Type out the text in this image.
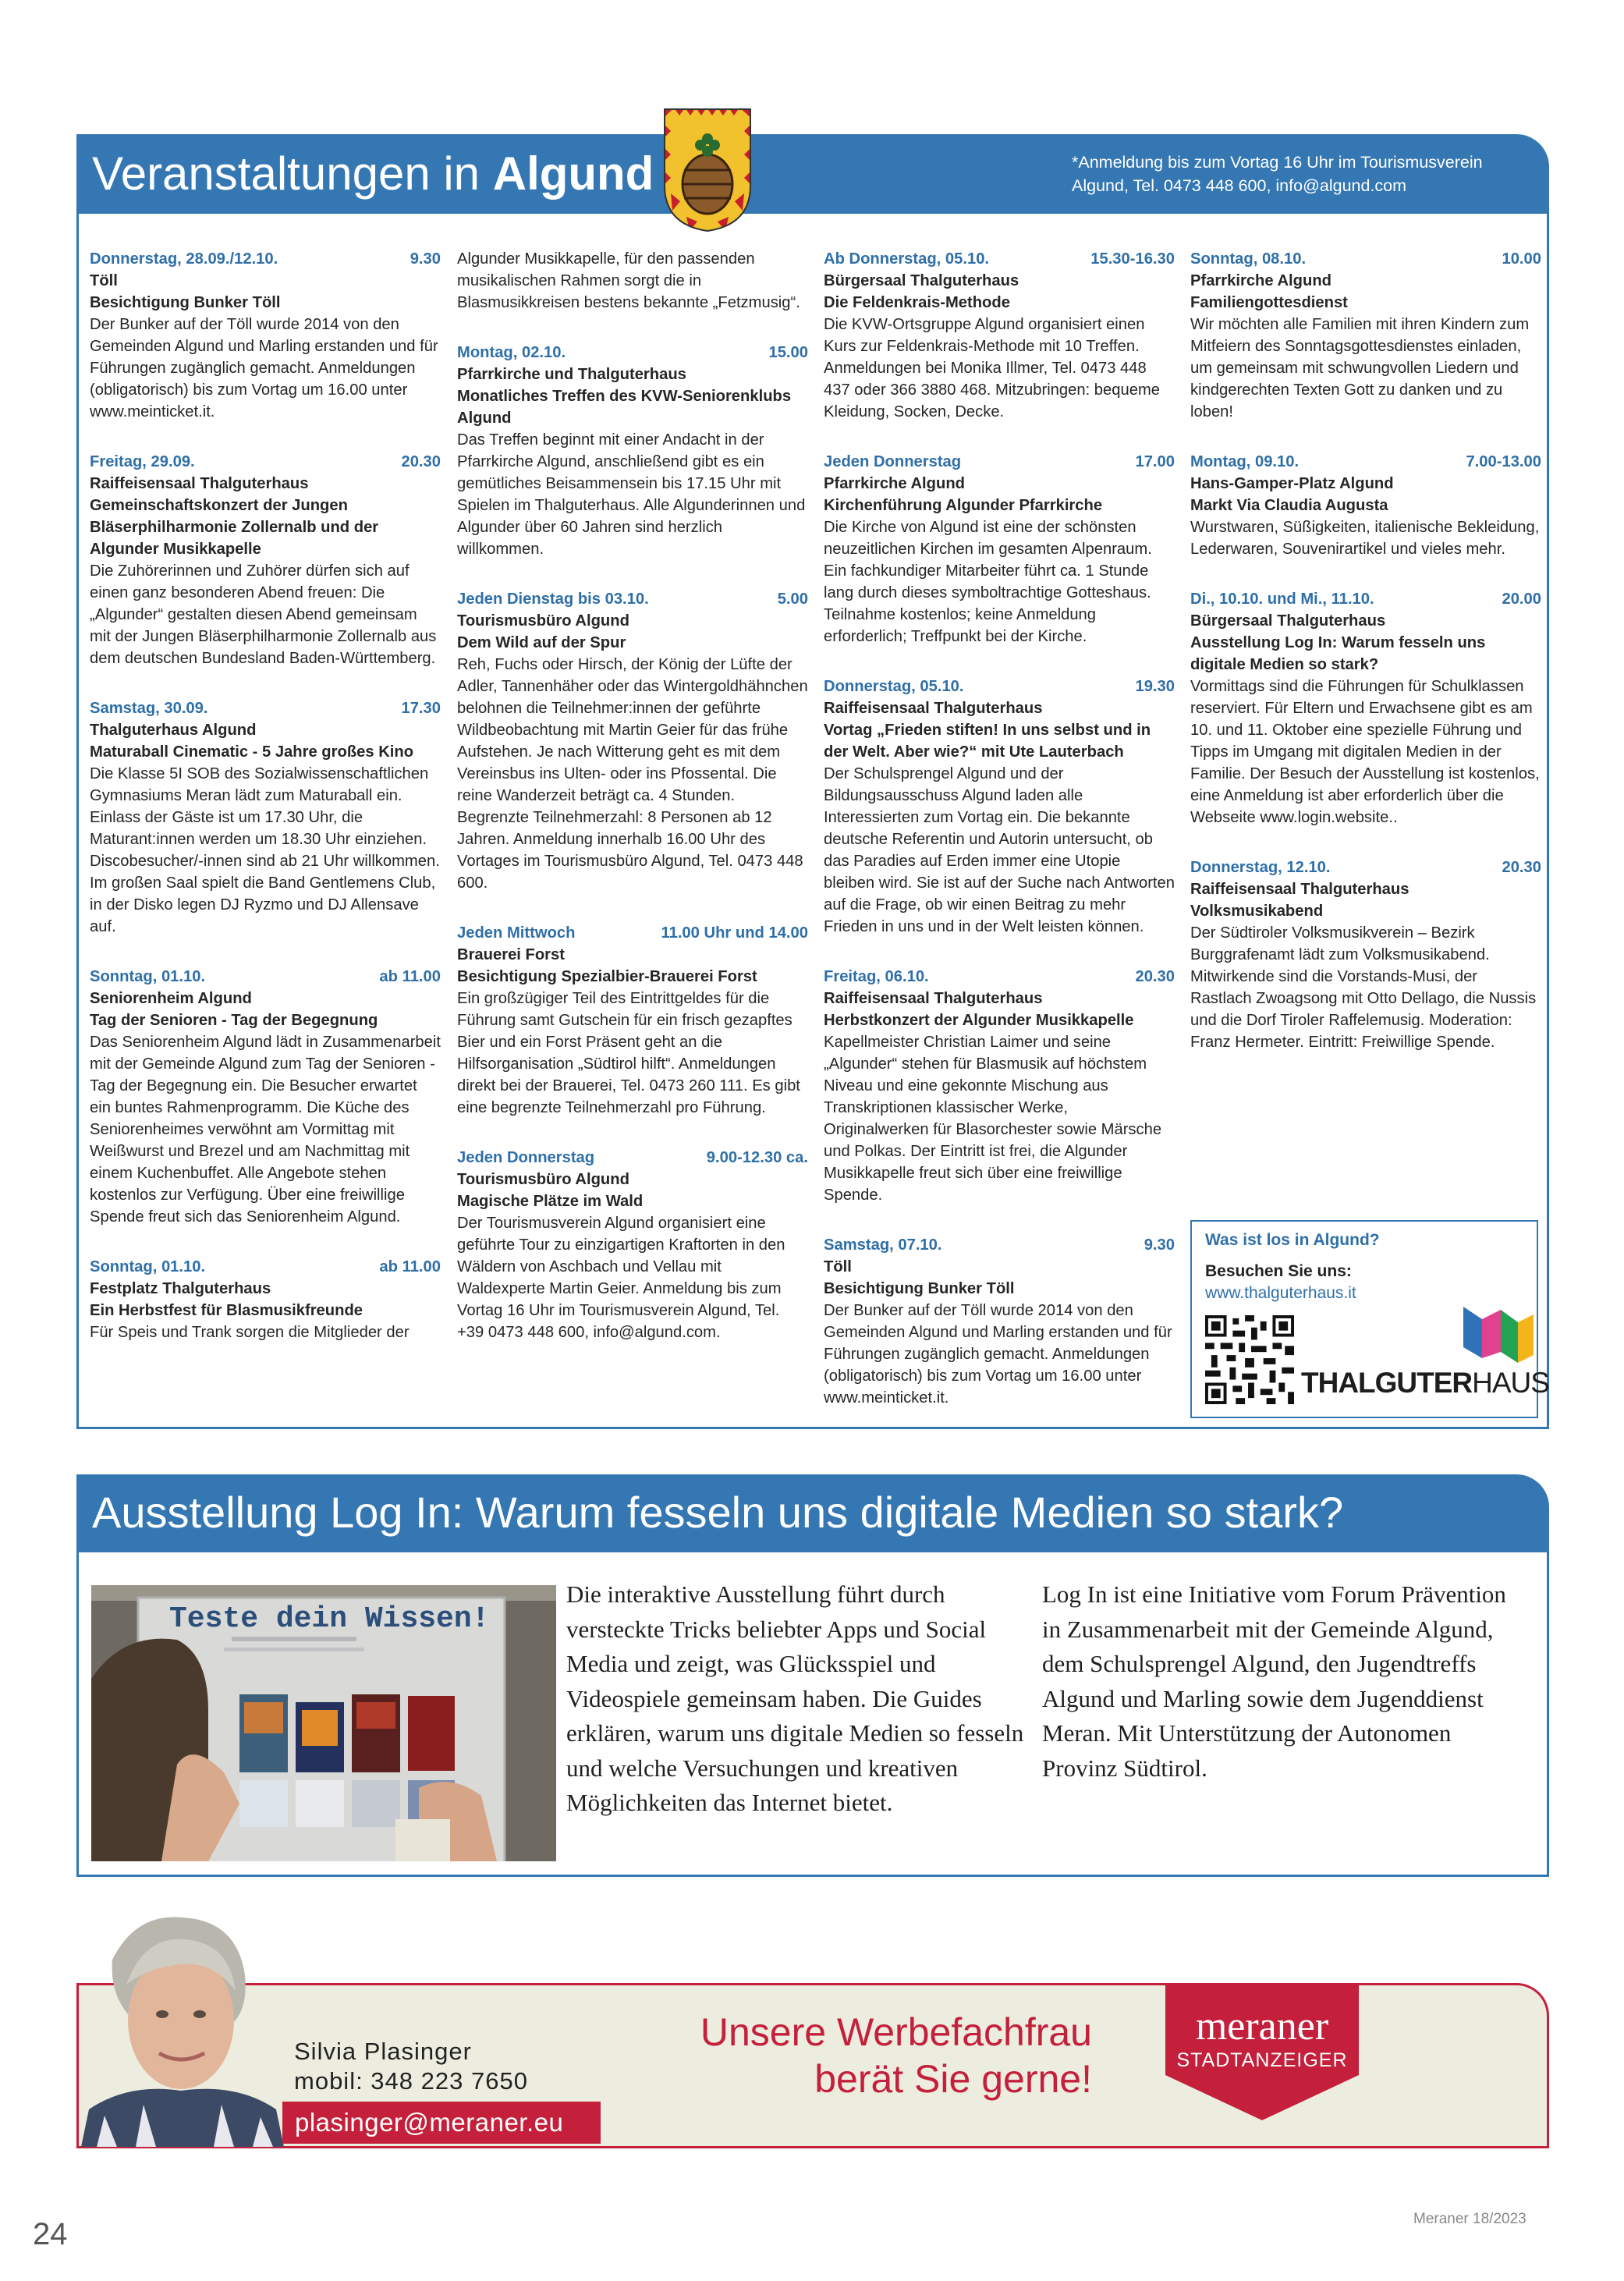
Veranstaltungen in Algund	*Anmeldung bis zum Vortag 16 Uhr im Tourismusverein
Algund, Tel. 0473 448 600, info@algund.com
Donnerstag, 28.09./12.10.	9.30
Töll
Besichtigung Bunker Töll
Der Bunker auf der Töll wurde 2014 von den Gemeinden Algund und Marling erstanden und für Führungen zugänglich gemacht. Anmeldungen (obligatorisch) bis zum Vortag um 16.00 unter www.meinticket.it.
Freitag, 29.09.	20.30
Raiffeisensaal Thalguterhaus
Gemeinschaftskonzert der Jungen Bläserphilharmonie Zollernalb und der Algunder Musikkapelle
Die Zuhörerinnen und Zuhörer dürfen sich auf einen ganz besonderen Abend freuen: Die „Algunder“ gestalten diesen Abend gemeinsam mit der Jungen Bläserphilharmonie Zollernalb aus dem deutschen Bundesland Baden-Württemberg.
Samstag, 30.09.	17.30
Thalguterhaus Algund
Maturaball Cinematic - 5 Jahre großes Kino
Die Klasse 5I SOB des Sozialwissenschaftlichen Gymnasiums Meran lädt zum Maturaball ein. Einlass der Gäste ist um 17.30 Uhr, die Maturant:innen werden um 18.30 Uhr einziehen. Discobesucher/-innen sind ab 21 Uhr willkommen. Im großen Saal spielt die Band Gentlemens Club, in der Disko legen DJ Ryzmo und DJ Allensave auf.
Sonntag, 01.10.	ab 11.00
Seniorenheim Algund
Tag der Senioren - Tag der Begegnung
Das Seniorenheim Algund lädt in Zusammenarbeit mit der Gemeinde Algund zum Tag der Senioren - Tag der Begegnung ein. Die Besucher erwartet ein buntes Rahmenprogramm. Die Küche des Seniorenheimes verwöhnt am Vormittag mit Weißwurst und Brezel und am Nachmittag mit einem Kuchenbuffet. Alle Angebote stehen kostenlos zur Verfügung. Über eine freiwillige Spende freut sich das Seniorenheim Algund.
Sonntag, 01.10.	ab 11.00
Festplatz Thalguterhaus
Ein Herbstfest für Blasmusikfreunde
Für Speis und Trank sorgen die Mitglieder der
Algunder Musikkapelle, für den passenden musikalischen Rahmen sorgt die in Blasmusikkreisen bestens bekannte „Fetzmusig“.
Montag, 02.10.	15.00
Pfarrkirche und Thalguterhaus
Monatliches Treffen des KVW-Seniorenklubs Algund
Das Treffen beginnt mit einer Andacht in der Pfarrkirche Algund, anschließend gibt es ein gemütliches Beisammensein bis 17.15 Uhr mit Spielen im Thalguterhaus. Alle Algunderinnen und Algunder über 60 Jahren sind herzlich willkommen.
Jeden Dienstag bis 03.10.	5.00
Tourismusbüro Algund
Dem Wild auf der Spur
Reh, Fuchs oder Hirsch, der König der Lüfte der Adler, Tannenhäher oder das Wintergoldhähnchen belohnen die Teilnehmer:innen der geführte Wildbeobachtung mit Martin Geier für das frühe Aufstehen. Je nach Witterung geht es mit dem Vereinsbus ins Ulten- oder ins Pfossental. Die reine Wanderzeit beträgt ca. 4 Stunden. Begrenzte Teilnehmerzahl: 8 Personen ab 12 Jahren. Anmeldung innerhalb 16.00 Uhr des Vortages im Tourismusbüro Algund, Tel. 0473 448 600.
Jeden Mittwoch	11.00 Uhr und 14.00
Brauerei Forst
Besichtigung Spezialbier-Brauerei Forst
Ein großzügiger Teil des Eintrittgeldes für die Führung samt Gutschein für ein frisch gezapftes Bier und ein Forst Präsent geht an die Hilfsorganisation „Südtirol hilft“. Anmeldungen direkt bei der Brauerei, Tel. 0473 260 111. Es gibt eine begrenzte Teilnehmerzahl pro Führung.
Jeden Donnerstag	9.00-12.30 ca.
Tourismusbüro Algund
Magische Plätze im Wald
Der Tourismusverein Algund organisiert eine geführte Tour zu einzigartigen Kraftorten in den Wäldern von Aschbach und Vellau mit Waldexperte Martin Geier. Anmeldung bis zum Vortag 16 Uhr im Tourismusverein Algund, Tel. +39 0473 448 600, info@algund.com.
Ab Donnerstag, 05.10.	15.30-16.30
Bürgersaal Thalguterhaus
Die Feldenkrais-Methode
Die KVW-Ortsgruppe Algund organisiert einen Kurs zur Feldenkrais-Methode mit 10 Treffen. Anmeldungen bei Monika Illmer, Tel. 0473 448 437 oder 366 3880 468. Mitzubringen: bequeme Kleidung, Socken, Decke.
Jeden Donnerstag	17.00
Pfarrkirche Algund
Kirchenführung Algunder Pfarrkirche
Die Kirche von Algund ist eine der schönsten neuzeitlichen Kirchen im gesamten Alpenraum. Ein fachkundiger Mitarbeiter führt ca. 1 Stunde lang durch dieses symboltrachtige Gotteshaus. Teilnahme kostenlos; keine Anmeldung erforderlich; Treffpunkt bei der Kirche.
Donnerstag, 05.10.	19.30
Raiffeisensaal Thalguterhaus
Vortag „Frieden stiften! In uns selbst und in der Welt. Aber wie?“ mit Ute Lauterbach
Der Schulsprengel Algund und der Bildungsausschuss Algund laden alle Interessierten zum Vortag ein. Die bekannte deutsche Referentin und Autorin untersucht, ob das Paradies auf Erden immer eine Utopie bleiben wird. Sie ist auf der Suche nach Antworten auf die Frage, ob wir einen Beitrag zu mehr Frieden in uns und in der Welt leisten können.
Freitag, 06.10.	20.30
Raiffeisensaal Thalguterhaus
Herbstkonzert der Algunder Musikkapelle
Kapellmeister Christian Laimer und seine „Algunder“ stehen für Blasmusik auf höchstem Niveau und eine gekonnte Mischung aus Transkriptionen klassischer Werke, Originalwerken für Blasorchester sowie Märsche und Polkas. Der Eintritt ist frei, die Algunder Musikkapelle freut sich über eine freiwillige Spende.
Samstag, 07.10.	9.30
Töll
Besichtigung Bunker Töll
Der Bunker auf der Töll wurde 2014 von den Gemeinden Algund und Marling erstanden und für Führungen zugänglich gemacht. Anmeldungen (obligatorisch) bis zum Vortag um 16.00 unter www.meinticket.it.
Sonntag, 08.10.	10.00
Pfarrkirche Algund
Familiengottesdienst
Wir möchten alle Familien mit ihren Kindern zum Mitfeiern des Sonntagsgottesdienstes einladen, um gemeinsam mit schwungvollen Liedern und kindgerechten Texten Gott zu danken und zu loben!
Montag, 09.10.	7.00-13.00
Hans-Gamper-Platz Algund
Markt Via Claudia Augusta
Wurstwaren, Süßigkeiten, italienische Bekleidung, Lederwaren, Souvenirartikel und vieles mehr.
Di., 10.10. und Mi., 11.10.	20.00
Bürgersaal Thalguterhaus
Ausstellung Log In: Warum fesseln uns digitale Medien so stark?
Vormittags sind die Führungen für Schulklassen reserviert. Für Eltern und Erwachsene gibt es am 10. und 11. Oktober eine spezielle Führung und Tipps im Umgang mit digitalen Medien in der Familie. Der Besuch der Ausstellung ist kostenlos, eine Anmeldung ist aber erforderlich über die Webseite www.login.website..
Donnerstag, 12.10.	20.30
Raiffeisensaal Thalguterhaus
Volksmusikabend
Der Südtiroler Volksmusikverein – Bezirk Burggrafenamt lädt zum Volksmusikabend. Mitwirkende sind die Vorstands-Musi, der Rastlach Zwoagsong mit Otto Dellago, die Nussis und die Dorf Tiroler Raffelemusig. Moderation: Franz Hermeter. Eintritt: Freiwillige Spende.
Was ist los in Algund?
Besuchen Sie uns:
www.thalguterhaus.it
THALGUTERHAUS
Ausstellung Log In: Warum fesseln uns digitale Medien so stark?
Teste dein Wissen!
Die interaktive Ausstellung führt durch versteckte Tricks beliebter Apps und Social Media und zeigt, was Glücksspiel und Videospiele gemeinsam haben. Die Guides erklären, warum uns digitale Medien so fesseln und welche Versuchungen und kreativen Möglichkeiten das Internet bietet.
Log In ist eine Initiative vom Forum Prävention in Zusammenarbeit mit der Gemeinde Algund, dem Schulsprengel Algund, den Jugendtreffs Algund und Marling sowie dem Jugenddienst Meran. Mit Unterstützung der Autonomen Provinz Südtirol.
Silvia Plasinger
mobil: 348 223 7650
plasinger@meraner.eu
Unsere Werbefachfrau
berät Sie gerne!
meraner
STADTANZEIGER
24	Meraner 18/2023
